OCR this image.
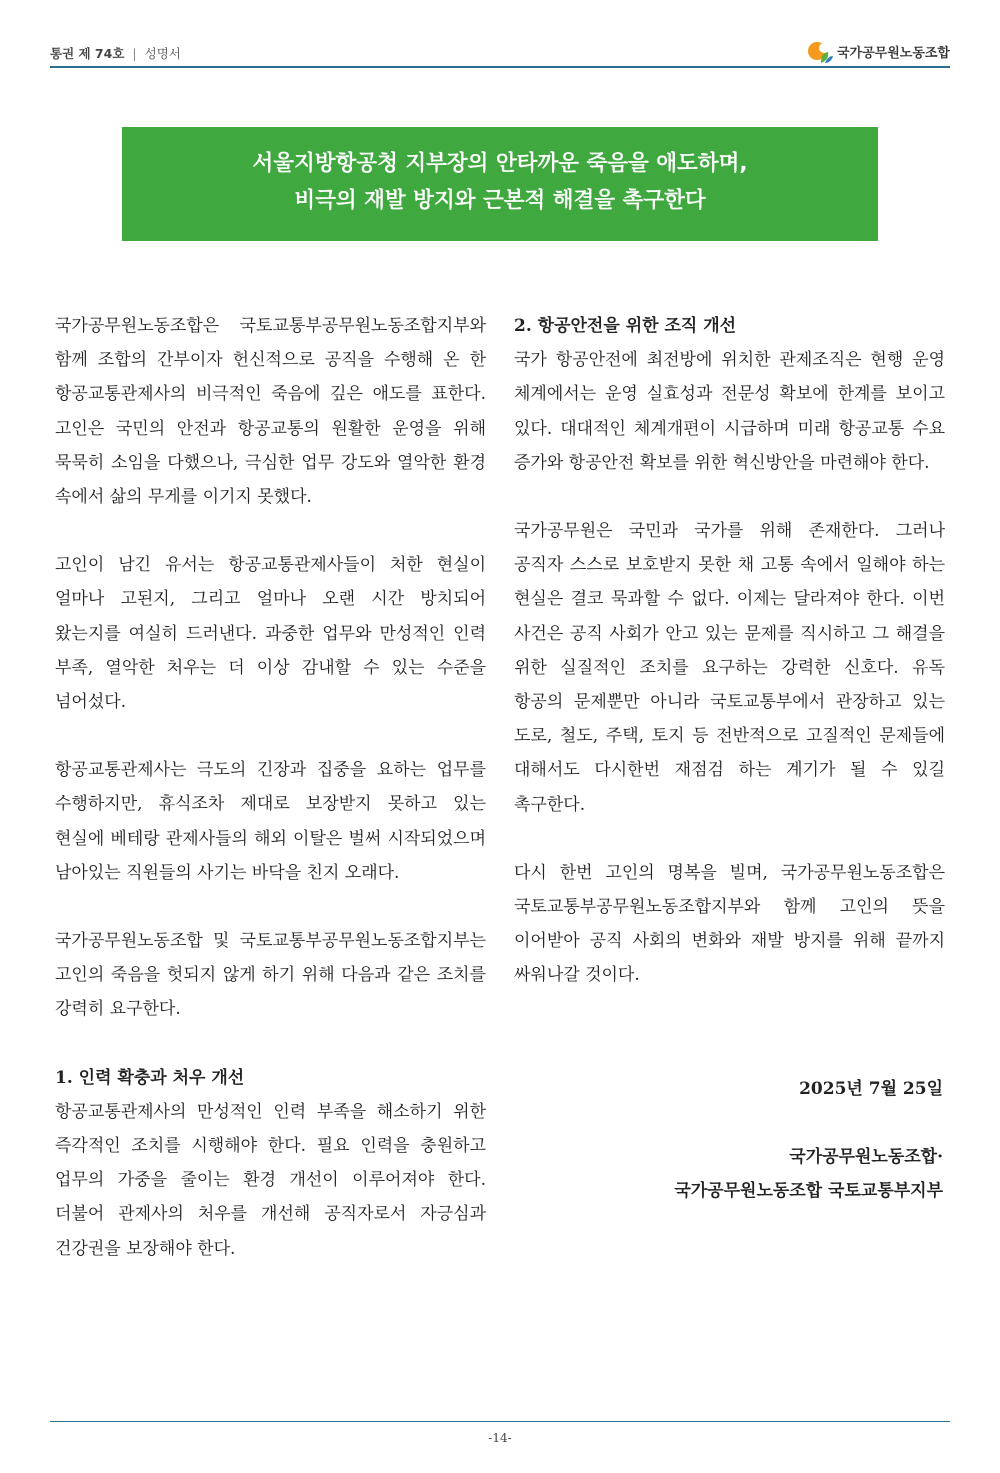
통권 제 74호 | 성명서	국가공무원노동조합
서울지방항공청 지부장의 안타까운 죽음을 애도하며,
비극의 재발 방지와 근본적 해결을 촉구한다

국가공무원노동조합은 국토교통부공무원노동조합지부와 함께 조합의 간부이자 헌신적으로 공직을 수행해 온 한 항공교통관제사의 비극적인 죽음에 깊은 애도를 표한다. 고인은 국민의 안전과 항공교통의 원활한 운영을 위해 묵묵히 소임을 다했으나, 극심한 업무 강도와 열악한 환경 속에서 삶의 무게를 이기지 못했다.

고인이 남긴 유서는 항공교통관제사들이 처한 현실이 얼마나 고된지, 그리고 얼마나 오랜 시간 방치되어 왔는지를 여실히 드러낸다. 과중한 업무와 만성적인 인력 부족, 열악한 처우는 더 이상 감내할 수 있는 수준을 넘어섰다.

항공교통관제사는 극도의 긴장과 집중을 요하는 업무를 수행하지만, 휴식조차 제대로 보장받지 못하고 있는 현실에 베테랑 관제사들의 해외 이탈은 벌써 시작되었으며 남아있는 직원들의 사기는 바닥을 친지 오래다.

국가공무원노동조합 및 국토교통부공무원노동조합지부는 고인의 죽음을 헛되지 않게 하기 위해 다음과 같은 조치를 강력히 요구한다.

1. 인력 확충과 처우 개선

항공교통관제사의 만성적인 인력 부족을 해소하기 위한 즉각적인 조치를 시행해야 한다. 필요 인력을 충원하고 업무의 가중을 줄이는 환경 개선이 이루어져야 한다. 더불어 관제사의 처우를 개선해 공직자로서 자긍심과 건강권을 보장해야 한다.

2. 항공안전을 위한 조직 개선

국가 항공안전에 최전방에 위치한 관제조직은 현행 운영 체계에서는 운영 실효성과 전문성 확보에 한계를 보이고 있다. 대대적인 체계개편이 시급하며 미래 항공교통 수요 증가와 항공안전 확보를 위한 혁신방안을 마련해야 한다.

국가공무원은 국민과 국가를 위해 존재한다. 그러나 공직자 스스로 보호받지 못한 채 고통 속에서 일해야 하는 현실은 결코 묵과할 수 없다. 이제는 달라져야 한다. 이번 사건은 공직 사회가 안고 있는 문제를 직시하고 그 해결을 위한 실질적인 조치를 요구하는 강력한 신호다. 유독 항공의 문제뿐만 아니라 국토교통부에서 관장하고 있는 도로, 철도, 주택, 토지 등 전반적으로 고질적인 문제들에 대해서도 다시한번 재점검 하는 계기가 될 수 있길 촉구한다.

다시 한번 고인의 명복을 빌며, 국가공무원노동조합은 국토교통부공무원노동조합지부와 함께 고인의 뜻을 이어받아 공직 사회의 변화와 재발 방지를 위해 끝까지 싸워나갈 것이다.

2025년 7월 25일
국가공무원노동조합·
국가공무원노동조합 국토교통부지부
-14-
